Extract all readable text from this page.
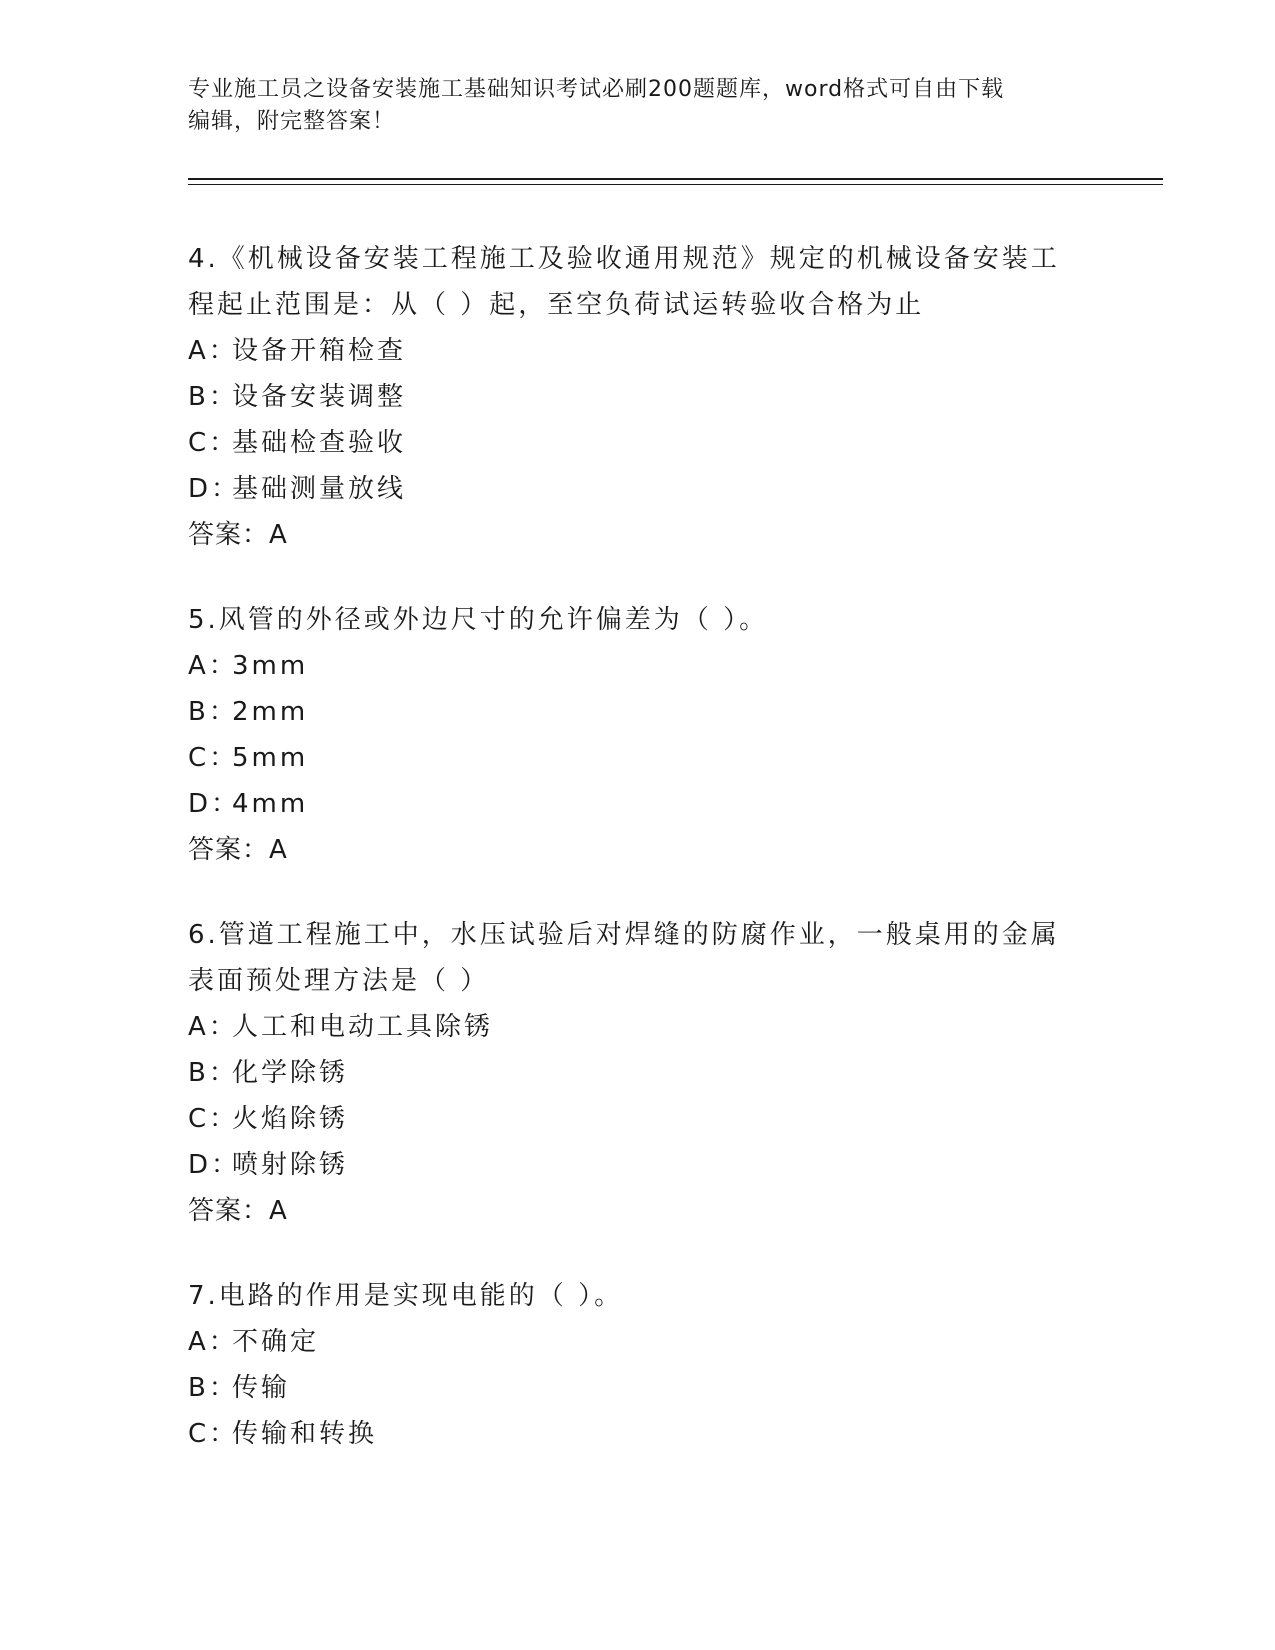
专业施工员之设备安装施工基础知识考试必刷200题题库，word格式可自由下载
编辑，附完整答案！
4.《机械设备安装工程施工及验收通用规范》规定的机械设备安装工程起止范围是：从（ ）起，至空负荷试运转验收合格为止
A：设备开箱检查
B：设备安装调整
C：基础检查验收
D：基础测量放线
答案：A
5.风管的外径或外边尺寸的允许偏差为（ ）。
A：3mm
B：2mm
C：5mm
D：4mm
答案：A
6.管道工程施工中，水压试验后对焊缝的防腐作业，一般桌用的金属表面预处理方法是（ ）
A：人工和电动工具除锈
B：化学除锈
C：火焰除锈
D：喷射除锈
答案：A
7.电路的作用是实现电能的（ ）。
A：不确定
B：传输
C：传输和转换
